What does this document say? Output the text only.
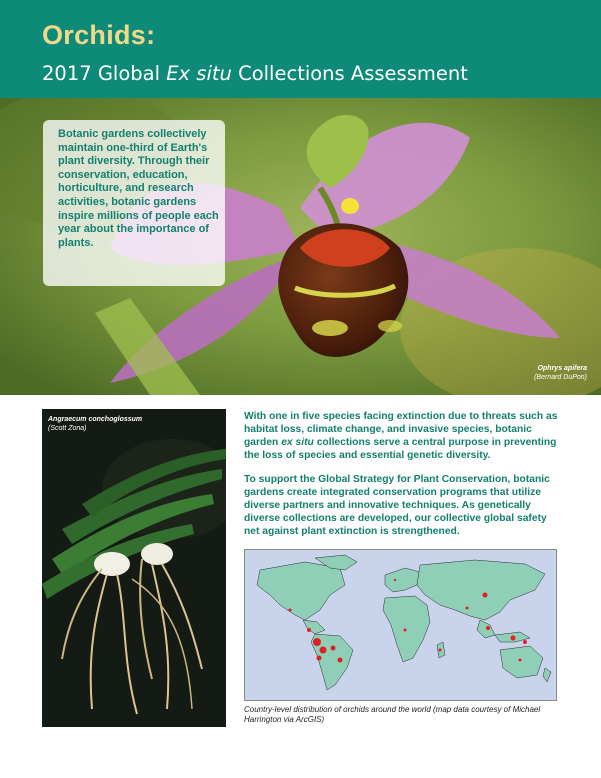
Orchids:
2017 Global Ex situ Collections Assessment
Botanic gardens collectively maintain one-third of Earth's plant diversity. Through their conservation, education, horticulture, and research activities, botanic gardens inspire millions of people each year about the importance of plants.
Ophrys apifera
(Bernard DuPon)
Angraecum conchoglossum
(Scott Zona)
With one in five species facing extinction due to threats such as habitat loss, climate change, and invasive species, botanic garden ex situ collections serve a central purpose in preventing the loss of species and essential genetic diversity.
To support the Global Strategy for Plant Conservation, botanic gardens create integrated conservation programs that utilize diverse partners and innovative techniques. As genetically diverse collections are developed, our collective global safety net against plant extinction is strengthened.
Country-level distribution of orchids around the world (map data courtesy of Michael Harrington via ArcGIS)
